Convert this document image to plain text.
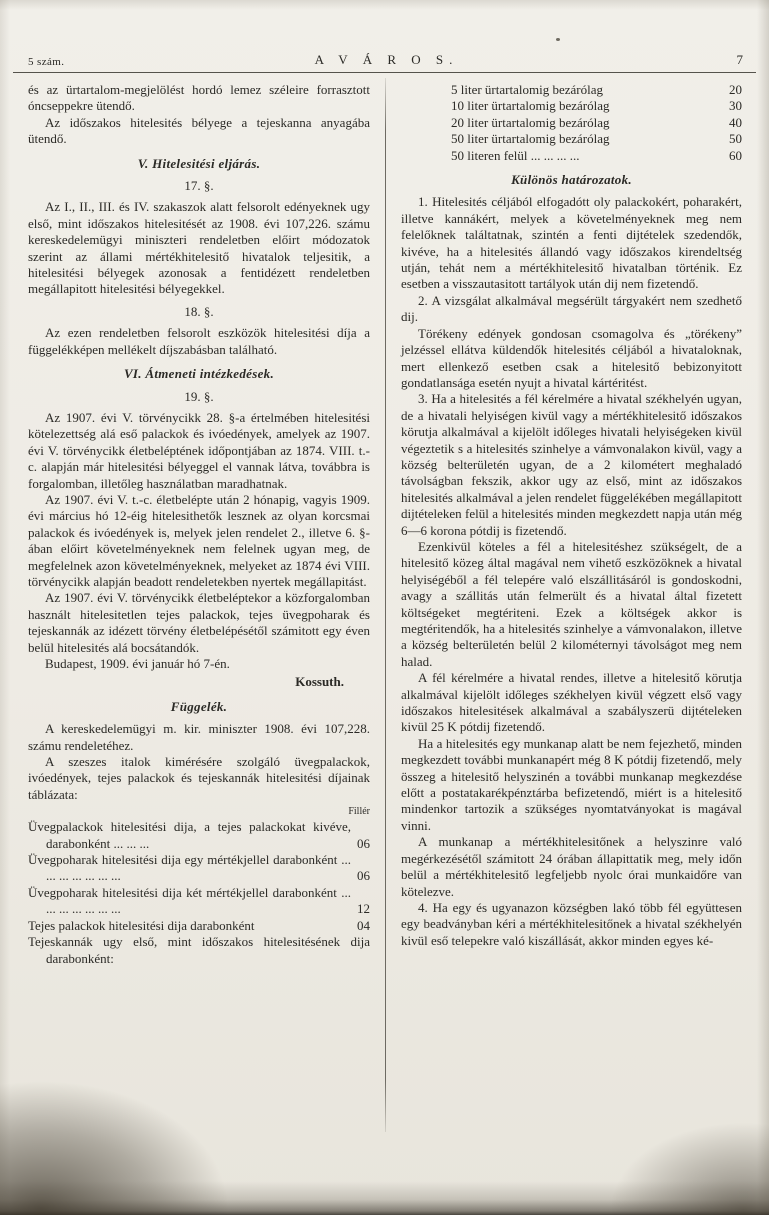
5 szám.	A V Á R O S.	7

és az ürtartalom-megjelölést hordó lemez széleire forrasztott óncseppekre ütendő.

Az időszakos hitelesités bélyege a tejeskanna anyagába ütendő.

V. Hitelesitési eljárás.
17. §.

Az I., II., III. és IV. szakaszok alatt felsorolt edényeknek ugy első, mint időszakos hitelesitését az 1908. évi 107,226. számu kereskedelemügyi miniszteri rendeletben előirt módozatok szerint az állami mértékhitelesitő hivatalok teljesitik, a hitelesitési bélyegek azonosak a fentidézett rendeletben megállapitott hitelesitési bélyegekkel.

18. §.

Az ezen rendeletben felsorolt eszközök hitelesitési díja a függelékképen mellékelt díjszabásban található.

VI. Átmeneti intézkedések.
19. §.

Az 1907. évi V. törvénycikk 28. §-a értelmében hitelesitési kötelezettség alá eső palackok és ivóedények, amelyek az 1907. évi V. törvénycikk életbeléptének időpontjában az 1874. VIII. t.-c. alapján már hitelesitési bélyeggel el vannak látva, továbbra is forgalomban, illetőleg használatban maradhatnak.

Az 1907. évi V. t.-c. életbelépte után 2 hónapig, vagyis 1909. évi március hó 12-éig hitelesithetők lesznek az olyan korcsmai palackok és ivóedények is, melyek jelen rendelet 2., illetve 6. §-ában előirt követelményeknek nem felelnek ugyan meg, de megfelelnek azon követelményeknek, melyeket az 1874 évi VIII. törvénycikk alapján beadott rendeletekben nyertek megállapitást.

Az 1907. évi V. törvénycikk életbeléptekor a közforgalomban használt hitelesitetlen tejes palackok, tejes üvegpoharak és tejeskannák az idézett törvény életbelépésétől számitott egy éven belül hitelesités alá bocsátandók.

Budapest, 1909. évi január hó 7-én.

Kossuth.
Függelék.

A kereskedelemügyi m. kir. miniszter 1908. évi 107,228. számu rendeletéhez.

A szeszes italok kimérésére szolgáló üvegpalackok, ivóedények, tejes palackok és tejeskannák hitelesitési díjainak táblázata:

Fillér
Üvegpalackok hitelesitési dija, a tejes palackokat kivéve, darabonként ... ... ...	06
Üvegpoharak hitelesitési dija egy mértékjellel darabonként ... ... ... ... ... ... ...	06
Üvegpoharak hitelesitési dija két mértékjellel darabonként ... ... ... ... ... ... ...	12
Tejes palackok hitelesitési dija darabonként	04
Tejeskannák ugy első, mint időszakos hitelesitésének dija darabonként:
5 liter ürtartalomig bezárólag	20
10 liter ürtartalomig bezárólag	30
20 liter ürtartalomig bezárólag	40
50 liter ürtartalomig bezárólag	50
50 literen felül ... ... ... ...	60
Különös határozatok.

1. Hitelesités céljából elfogadótt oly palackokért, poharakért, illetve kannákért, melyek a követelményeknek meg nem felelőknek találtatnak, szintén a fenti dijtételek szedendők, kivéve, ha a hitelesités állandó vagy időszakos kirendeltség utján, tehát nem a mértékhitelesitő hivatalban történik. Ez esetben a visszautasitott tartályok után dij nem fizetendő.

2. A vizsgálat alkalmával megsérült tárgyakért nem szedhető dij.

Törékeny edények gondosan csomagolva és „törékeny” jelzéssel ellátva küldendők hitelesités céljából a hivataloknak, mert ellenkező esetben csak a hitelesitő bebizonyitott gondatlansága esetén nyujt a hivatal kártéritést.

3. Ha a hitelesités a fél kérelmére a hivatal székhelyén ugyan, de a hivatali helyiségen kivül vagy a mértékhitelesitő időszakos körutja alkalmával a kijelölt időleges hivatali helyiségeken kivül végeztetik s a hitelesités szinhelye a vámvonalakon kivül, vagy a község belterületén ugyan, de a 2 kilométert meghaladó távolságban fekszik, akkor ugy az első, mint az időszakos hitelesités alkalmával a jelen rendelet függelékében megállapitott dijtételeken felül a hitelesités minden megkezdett napja után még 6—6 korona pótdij is fizetendő.

Ezenkivül köteles a fél a hitelesitéshez szükségelt, de a hitelesitő közeg által magával nem vihető eszközöknek a hivatal helyiségéből a fél telepére való elszállitásáról is gondoskodni, avagy a szállitás után felmerült és a hivatal által fizetett költségeket megtériteni. Ezek a költségek akkor is megtéritendők, ha a hitelesités szinhelye a vámvonalakon, illetve a község belterületén belül 2 kilométernyi távolságot meg nem halad.

A fél kérelmére a hivatal rendes, illetve a hitelesitő körutja alkalmával kijelölt időleges székhelyen kivül végzett első vagy időszakos hitelesitések alkalmával a szabályszerü dijtételeken kivül 25 K pótdij fizetendő.

Ha a hitelesités egy munkanap alatt be nem fejezhető, minden megkezdett további munkanapért még 8 K pótdij fizetendő, mely összeg a hitelesitő helyszinén a további munkanap megkezdése előtt a postatakarékpénztárba befizetendő, miért is a hitelesitő mindenkor tartozik a szükséges nyomtatványokat is magával vinni.

A munkanap a mértékhitelesitőnek a helyszinre való megérkezésétől számitott 24 órában állapittatik meg, mely időn belül a mértékhitelesitő legfeljebb nyolc órai munkaidőre van kötelezve.

4. Ha egy és ugyanazon községben lakó több fél együttesen egy beadványban kéri a mértékhitelesitőnek a hivatal székhelyén kivül eső telepekre való kiszállását, akkor minden egyes ké-
